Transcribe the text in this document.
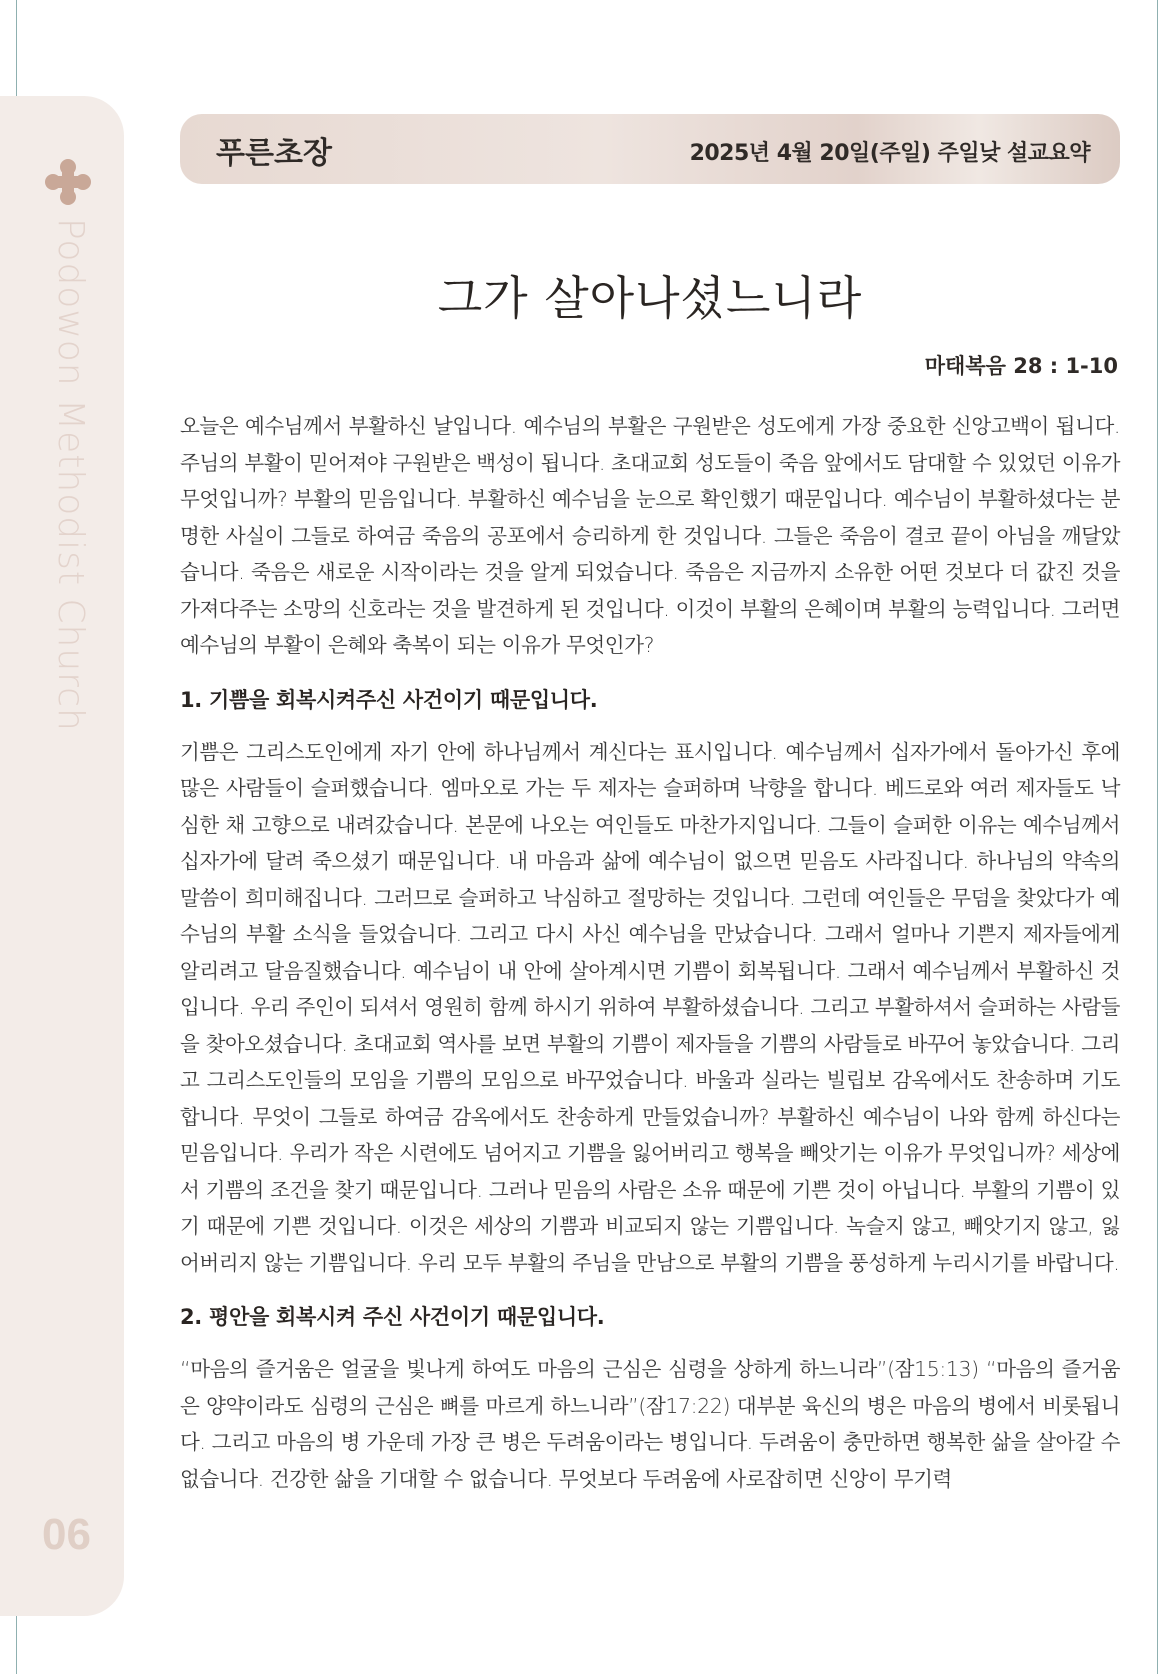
Podowon Methodist Church
06
푸른초장	2025년 4월 20일(주일) 주일낮 설교요약
그가 살아나셨느니라
마태복음 28 : 1-10

오늘은 예수님께서 부활하신 날입니다. 예수님의 부활은 구원받은 성도에게 가장 중요한 신앙고백이 됩니다. 주님의 부활이 믿어져야 구원받은 백성이 됩니다. 초대교회 성도들이 죽음 앞에서도 담대할 수 있었던 이유가 무엇입니까? 부활의 믿음입니다. 부활하신 예수님을 눈으로 확인했기 때문입니다. 예수님이 부활하셨다는 분명한 사실이 그들로 하여금 죽음의 공포에서 승리하게 한 것입니다. 그들은 죽음이 결코 끝이 아님을 깨달았습니다. 죽음은 새로운 시작이라는 것을 알게 되었습니다. 죽음은 지금까지 소유한 어떤 것보다 더 값진 것을 가져다주는 소망의 신호라는 것을 발견하게 된 것입니다. 이것이 부활의 은혜이며 부활의 능력입니다. 그러면 예수님의 부활이 은혜와 축복이 되는 이유가 무엇인가?

1. 기쁨을 회복시켜주신 사건이기 때문입니다.

기쁨은 그리스도인에게 자기 안에 하나님께서 계신다는 표시입니다. 예수님께서 십자가에서 돌아가신 후에 많은 사람들이 슬퍼했습니다. 엠마오로 가는 두 제자는 슬퍼하며 낙향을 합니다. 베드로와 여러 제자들도 낙심한 채 고향으로 내려갔습니다. 본문에 나오는 여인들도 마찬가지입니다. 그들이 슬퍼한 이유는 예수님께서 십자가에 달려 죽으셨기 때문입니다. 내 마음과 삶에 예수님이 없으면 믿음도 사라집니다. 하나님의 약속의 말씀이 희미해집니다. 그러므로 슬퍼하고 낙심하고 절망하는 것입니다. 그런데 여인들은 무덤을 찾았다가 예수님의 부활 소식을 들었습니다. 그리고 다시 사신 예수님을 만났습니다. 그래서 얼마나 기쁜지 제자들에게 알리려고 달음질했습니다. 예수님이 내 안에 살아계시면 기쁨이 회복됩니다. 그래서 예수님께서 부활하신 것입니다. 우리 주인이 되셔서 영원히 함께 하시기 위하여 부활하셨습니다. 그리고 부활하셔서 슬퍼하는 사람들을 찾아오셨습니다. 초대교회 역사를 보면 부활의 기쁨이 제자들을 기쁨의 사람들로 바꾸어 놓았습니다. 그리고 그리스도인들의 모임을 기쁨의 모임으로 바꾸었습니다. 바울과 실라는 빌립보 감옥에서도 찬송하며 기도합니다. 무엇이 그들로 하여금 감옥에서도 찬송하게 만들었습니까? 부활하신 예수님이 나와 함께 하신다는 믿음입니다. 우리가 작은 시련에도 넘어지고 기쁨을 잃어버리고 행복을 빼앗기는 이유가 무엇입니까? 세상에서 기쁨의 조건을 찾기 때문입니다. 그러나 믿음의 사람은 소유 때문에 기쁜 것이 아닙니다. 부활의 기쁨이 있기 때문에 기쁜 것입니다. 이것은 세상의 기쁨과 비교되지 않는 기쁨입니다. 녹슬지 않고, 빼앗기지 않고, 잃어버리지 않는 기쁨입니다. 우리 모두 부활의 주님을 만남으로 부활의 기쁨을 풍성하게 누리시기를 바랍니다.

2. 평안을 회복시켜 주신 사건이기 때문입니다.

“마음의 즐거움은 얼굴을 빛나게 하여도 마음의 근심은 심령을 상하게 하느니라”(잠15:13) “마음의 즐거움은 양약이라도 심령의 근심은 뼈를 마르게 하느니라”(잠17:22) 대부분 육신의 병은 마음의 병에서 비롯됩니다. 그리고 마음의 병 가운데 가장 큰 병은 두려움이라는 병입니다. 두려움이 충만하면 행복한 삶을 살아갈 수 없습니다. 건강한 삶을 기대할 수 없습니다. 무엇보다 두려움에 사로잡히면 신앙이 무기력
